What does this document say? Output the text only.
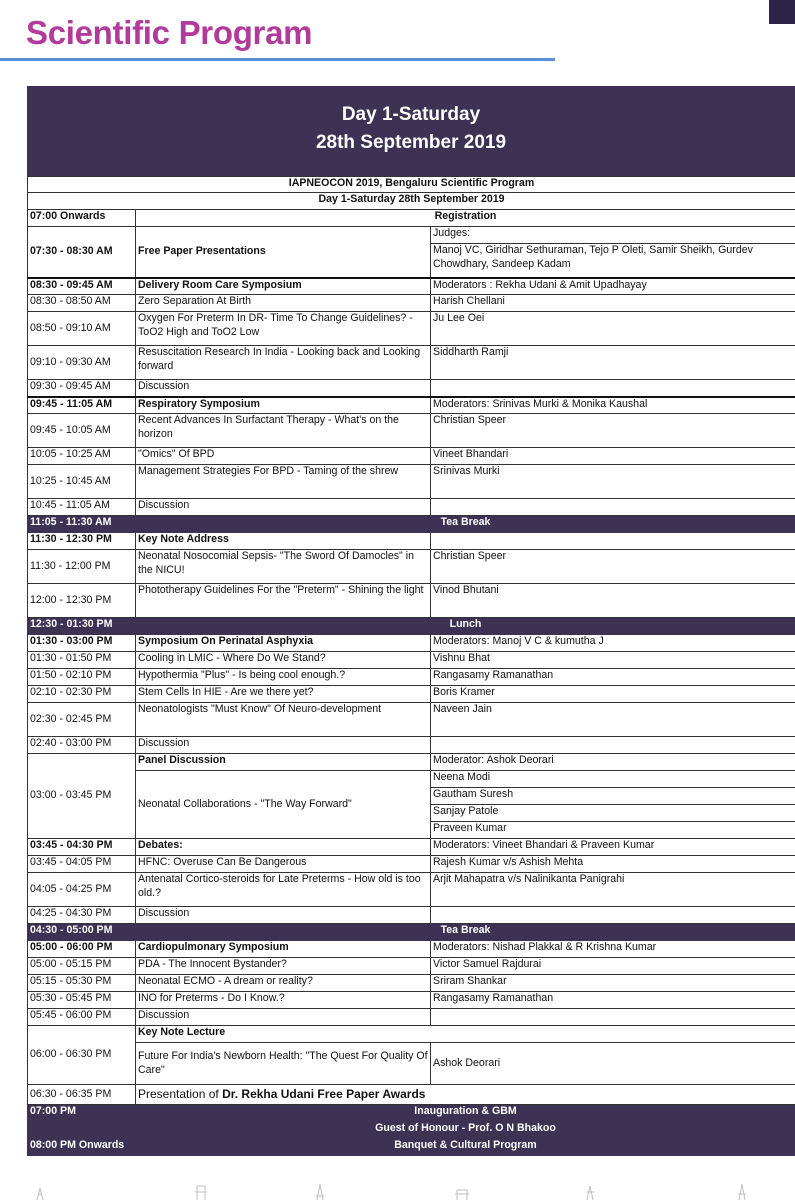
Scientific Program
Day 1-Saturday
28th September 2019
IAPNEOCON 2019, Bengaluru Scientific Program		
Day 1-Saturday 28th September 2019		
07:00 Onwards	Registration	
07:30 - 08:30 AM	Free Paper Presentations	Judges:
		Manoj VC, Giridhar Sethuraman, Tejo P Oleti, Samir Sheikh, Gurdev Chowdhary, Sandeep Kadam
08:30 - 09:45 AM	Delivery Room Care Symposium	Moderators : Rekha Udani & Amit Upadhayay
08:30 - 08:50 AM	Zero Separation At Birth	Harish Chellani
08:50 - 09:10 AM	Oxygen For Preterm In DR- Time To Change Guidelines? - ToO2 High and ToO2 Low	Ju Lee Oei
09:10 - 09:30 AM	Resuscitation Research In India - Looking back and Looking forward	Siddharth Ramji
09:30 - 09:45 AM	Discussion	
09:45 - 11:05 AM	Respiratory Symposium	Moderators: Srinivas Murki & Monika Kaushal
09:45 - 10:05 AM	Recent Advances In Surfactant Therapy - What's on the horizon	Christian Speer
10:05 - 10:25 AM	"Omics" Of BPD	Vineet Bhandari
10:25 - 10:45 AM	Management Strategies For BPD - Taming of the shrew	Srinivas Murki
10:45 - 11:05 AM	Discussion	
11:05 - 11:30 AM	Tea Break	
11:30 - 12:30 PM	Key Note Address	
11:30 - 12:00 PM	Neonatal Nosocomial Sepsis- "The Sword Of Damocles" in the NICU!	Christian Speer
12:00 - 12:30 PM	Phototherapy Guidelines For the "Preterm" - Shining the light	Vinod Bhutani
12:30 - 01:30 PM	Lunch	
01:30 - 03:00 PM	Symposium On Perinatal Asphyxia	Moderators: Manoj V C & kumutha J
01:30 - 01:50 PM	Cooling in LMIC - Where Do We Stand?	Vishnu Bhat
01:50 - 02:10 PM	Hypothermia "Plus" - Is being cool enough.?	Rangasamy Ramanathan
02:10 - 02:30 PM	Stem Cells In HIE - Are we there yet?	Boris Kramer
02:30 - 02:45 PM	Neonatologists "Must Know" Of Neuro-development	Naveen Jain
02:40 - 03:00 PM	Discussion	
03:00 - 03:45 PM	Panel Discussion	Moderator: Ashok Deorari
	Neonatal Collaborations - "The Way Forward"	Neena Modi
		Gautham Suresh
		Sanjay Patole
		Praveen Kumar
03:45 - 04:30 PM	Debates:	Moderators: Vineet Bhandari & Praveen Kumar
03:45 - 04:05 PM	HFNC: Overuse Can Be Dangerous	Rajesh Kumar v/s Ashish Mehta
04:05 - 04:25 PM	Antenatal Cortico-steroids for Late Preterms - How old is too old.?	Arjit Mahapatra v/s Nalinikanta Panigrahi
04:25 - 04:30 PM	Discussion	
04:30 - 05:00 PM	Tea Break	
05:00 - 06:00 PM	Cardiopulmonary Symposium	Moderators: Nishad Plakkal & R Krishna Kumar
05:00 - 05:15 PM	PDA - The Innocent Bystander?	Victor Samuel Rajdurai
05:15 - 05:30 PM	Neonatal ECMO - A dream or reality?	Sriram Shankar
05:30 - 05:45 PM	INO for Preterms - Do I Know.?	Rangasamy Ramanathan
05:45 - 06:00 PM	Discussion	
06:00 - 06:30 PM	Key Note Lecture	
	Future For India's Newborn Health: "The Quest For Quality Of Care"	Ashok Deorari
06:30 - 06:35 PM	Presentation of Dr. Rekha Udani Free Paper Awards	
07:00 PM	Inauguration & GBM	
	Guest of Honour - Prof. O N Bhakoo	
08:00 PM Onwards	Banquet & Cultural Program	
